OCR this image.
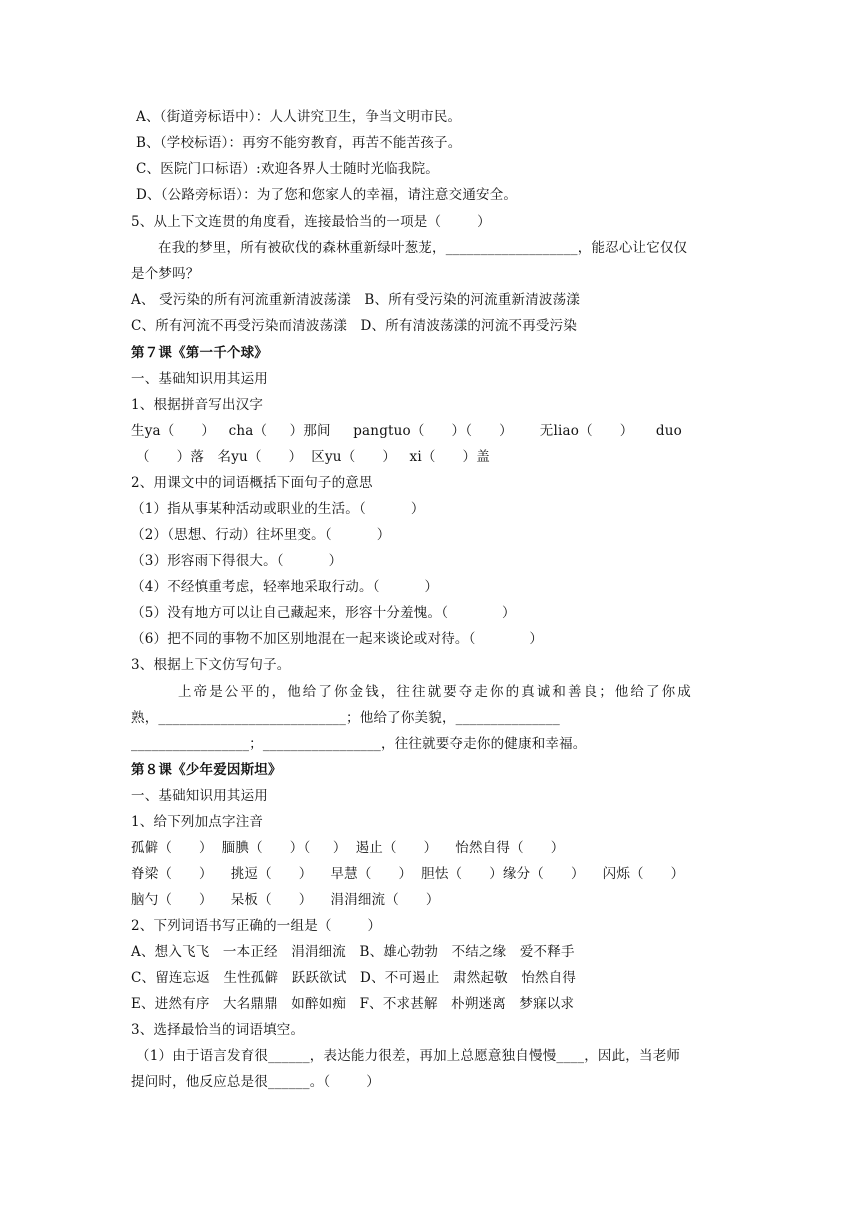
A、（街道旁标语中）：人人讲究卫生，争当文明市民。
B、（学校标语）：再穷不能穷教育，再苦不能苦孩子。
C、医院门口标语）:欢迎各界人士随时光临我院。
D、（公路旁标语）：为了您和您家人的幸福，请注意交通安全。
5、从上下文连贯的角度看，连接最恰当的一项是（        ）
在我的梦里，所有被砍伐的森林重新绿叶葱茏，___________________，能忍心让它仅仅
是个梦吗？
A、 受污染的所有河流重新清波荡漾   B、所有受污染的河流重新清波荡漾
C、所有河流不再受污染而清波荡漾   D、所有清波荡漾的河流不再受污染
第７课《第一千个球》
一、基础知识用其运用
1、根据拼音写出汉字
生ya（      ）   cha（     ）那间     pangtuo（      ）（      ）      无liao（      ）     duo
（      ）落   名yu（      ）  区yu（      ）   xi（      ）盖
2、用课文中的词语概括下面句子的意思
（1）指从事某种活动或职业的生活。（          ）
（2）（思想、行动）往坏里变。（          ）
（3）形容雨下得很大。（          ）
（4）不经慎重考虑，轻率地采取行动。（          ）
（5）没有地方可以让自己藏起来，形容十分羞愧。（            ）
（6）把不同的事物不加区别地混在一起来谈论或对待。（            ）
3、根据上下文仿写句子。
上帝是公平的，他给了你金钱，往往就要夺走你的真诚和善良；他给了你成
熟，___________________________；他给了你美貌，_______________
_________________；_________________，往往就要夺走你的健康和幸福。
第８课《少年爱因斯坦》
一、基础知识用其运用
1、给下列加点字注音
孤僻（      ）  腼腆（      ）（     ）  遏止（      ）    怡然自得（      ）
脊梁（      ）    挑逗（      ）    早慧（      ）  胆怯（      ）缘分（      ）    闪烁（      ）
脑勺（      ）    呆板（      ）    涓涓细流（      ）
2、下列词语书写正确的一组是（        ）
A、想入飞飞   一本正经   涓涓细流   B、雄心勃勃   不结之缘   爱不释手
C、留连忘返   生性孤僻   跃跃欲试   D、不可遏止   肃然起敬   怡然自得
E、进然有序   大名鼎鼎   如醉如痴   F、不求甚解   朴朔迷离   梦寐以求
3、选择最恰当的词语填空。
（1）由于语言发育很______，表达能力很差，再加上总愿意独自慢慢____，因此，当老师
提问时，他反应总是很______。（        ）
